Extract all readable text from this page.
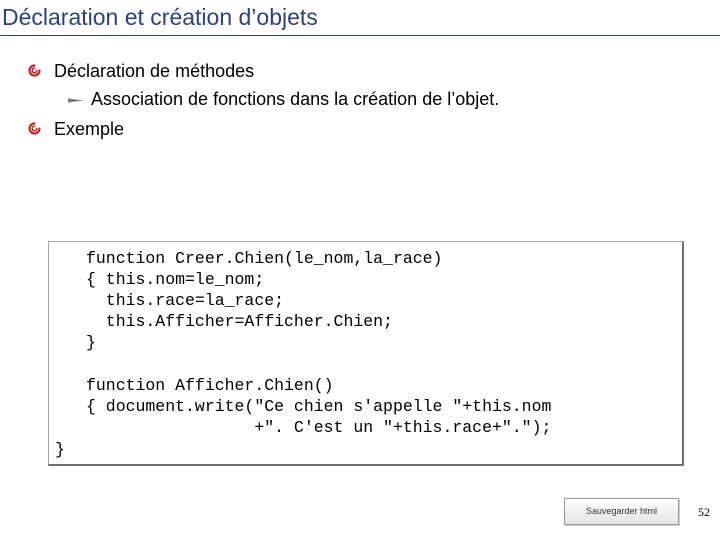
Déclaration et création d’objets
Déclaration de méthodes
Association de fonctions dans la création de l’objet.
Exemple
function Creer.Chien(le_nom,la_race)
{ this.nom=le_nom;
this.race=la_race;
this.Afficher=Afficher.Chien;
}
function Afficher.Chien()
{ document.write("Ce chien s'appelle "+this.nom
+". C'est un "+this.race+".");
}
Sauvegarder html	52
